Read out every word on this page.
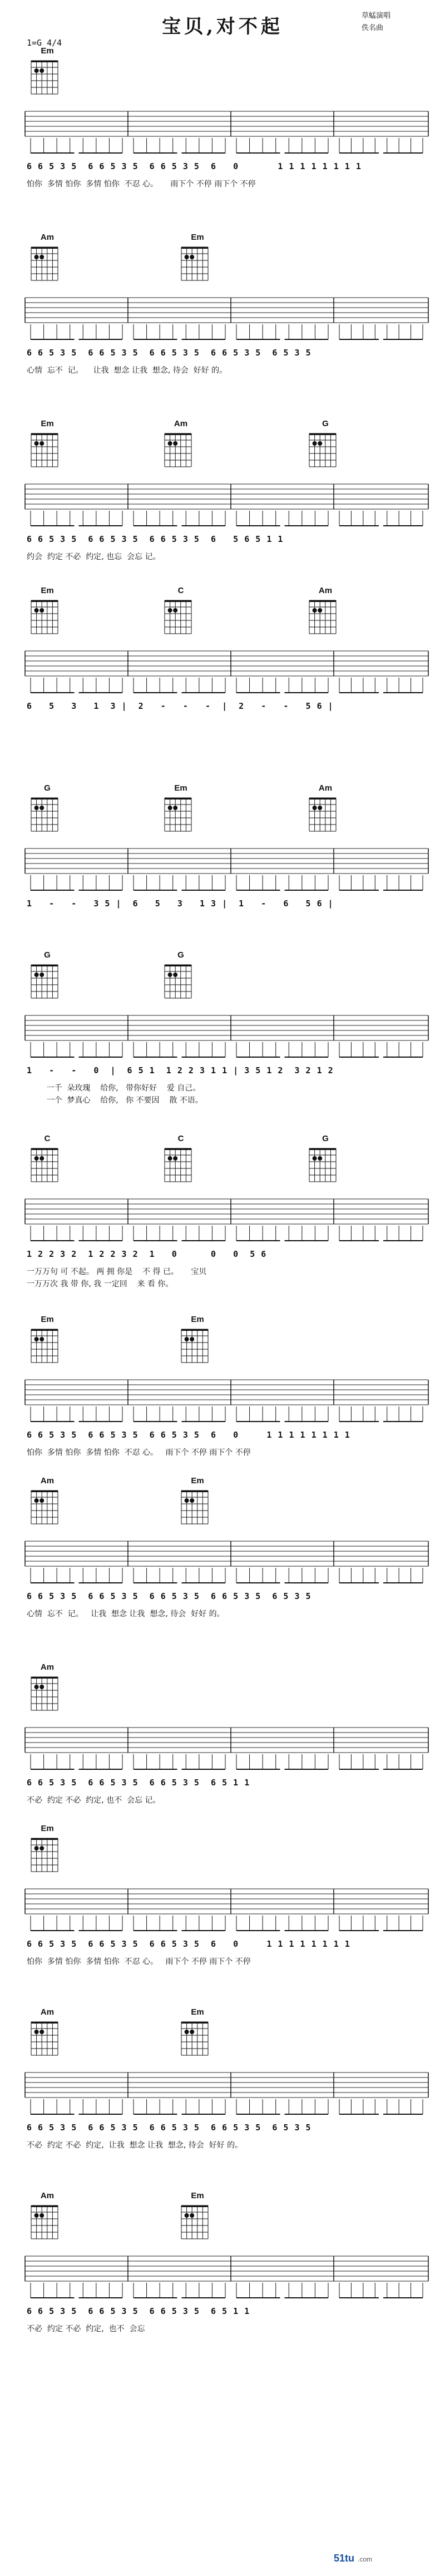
宝贝,对不起
1=G 4/4
草蜢演唱
佚名曲
Em
6 6 5 3 5  6 6 5 3 5  6 6 5 3 5  6   0       1 1 1 1 1 1 1 1
怕你  多情 怕你  多情 怕你  不忍 心。     雨下个 不停 雨下个 不停
Am	Em
6 6 5 3 5  6 6 5 3 5  6 6 5 3 5  6 6 5 3 5  6 5 3 5
心情  忘不  记。    让我  想念 让我  想念, 待会  好好 的。
Em	Am	G
6 6 5 3 5  6 6 5 3 5  6 6 5 3 5  6   5 6 5 1 1
约会  约定 不必  约定, 也忘  会忘 记。
Em	C	Am
6   5   3   1  3 |  2   -   -   -  |  2   -   -   5 6 |
G	Em	Am
1   -   -   3 5 |  6   5   3   1 3 |  1   -   6   5 6 |
G	G
1   -   -   0  |  6 5 1  1 2 2 3 1 1 | 3 5 1 2  3 2 1 2
一千  朵玫瑰    给你,   带你好好    爱 自己。
一个  梦真心    给你,   你 不要因    散 不语。
C	C	G
1 2 2 3 2  1 2 2 3 2  1   0      0   0  5 6
一万万句 可 不起。 两 拥 你是    不 得 已。     宝贝
一万万次 我 带 你, 我 一定回    来 看 你。
Em	Em
6 6 5 3 5  6 6 5 3 5  6 6 5 3 5  6   0     1 1 1 1 1 1 1 1
怕你  多情 怕你  多情 怕你  不忍 心。   雨下个 不停 雨下个 不停
Am	Em
6 6 5 3 5  6 6 5 3 5  6 6 5 3 5  6 6 5 3 5  6 5 3 5
心情  忘不  记。   让我  想念 让我  想念, 待会  好好 的。
Am
6 6 5 3 5  6 6 5 3 5  6 6 5 3 5  6 5 1 1
不必  约定 不必  约定, 也不  会忘 记。
Em
6 6 5 3 5  6 6 5 3 5  6 6 5 3 5  6   0     1 1 1 1 1 1 1 1
怕你  多情 怕你  多情 怕你  不忍 心。   雨下个 不停 雨下个 不停
Am	Em
6 6 5 3 5  6 6 5 3 5  6 6 5 3 5  6 6 5 3 5  6 5 3 5
不必  约定 不必  约定,  让我  想念 让我  想念, 待会  好好 的。
Am	Em
6 6 5 3 5  6 6 5 3 5  6 6 5 3 5  6 5 1 1
不必  约定 不必  约定,  也不  会忘
51tu .com
